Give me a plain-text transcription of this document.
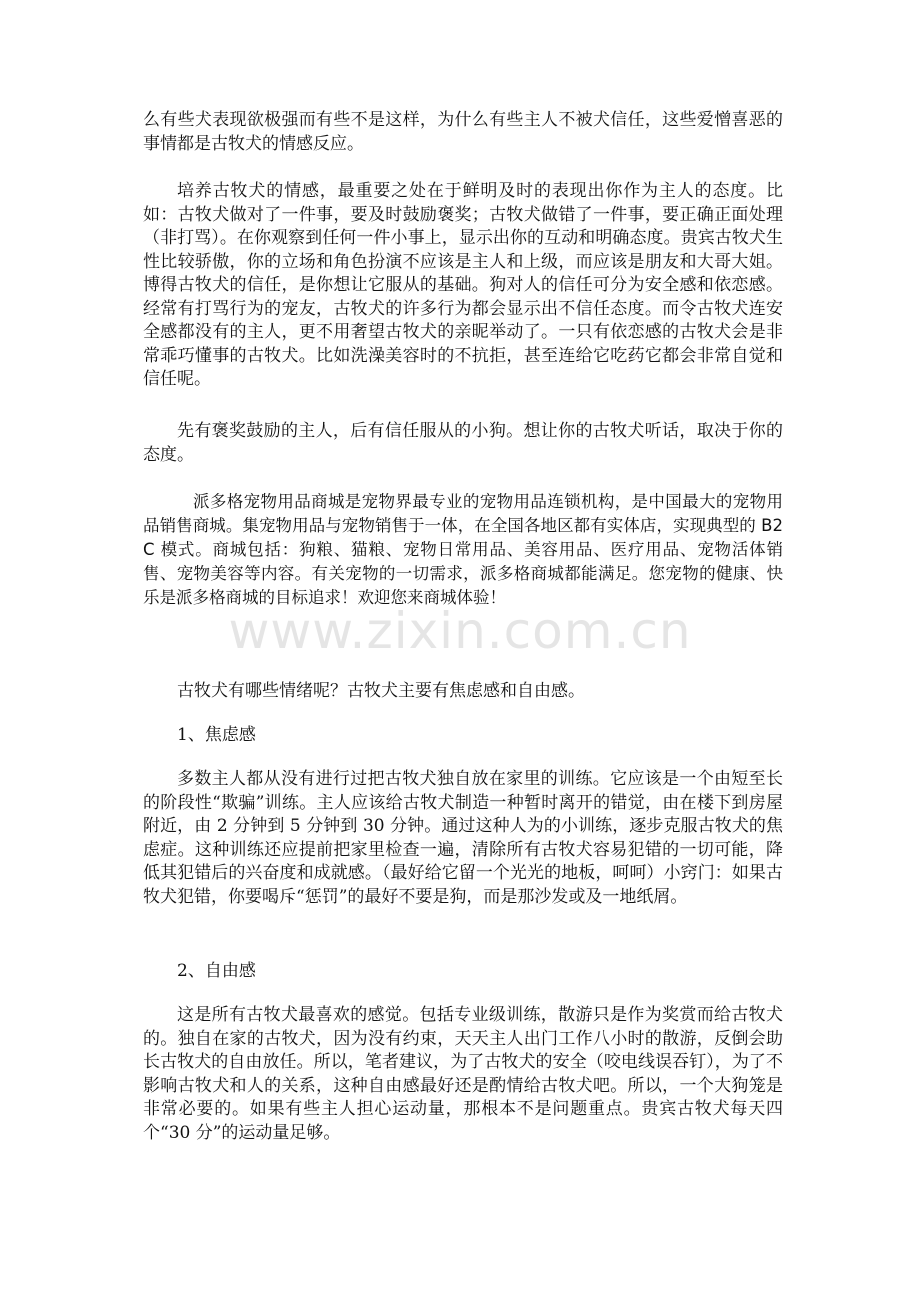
么有些犬表现欲极强而有些不是这样，为什么有些主人不被犬信任，这些爱憎喜恶的事情都是古牧犬的情感反应。

培养古牧犬的情感，最重要之处在于鲜明及时的表现出你作为主人的态度。比如：古牧犬做对了一件事，要及时鼓励褒奖；古牧犬做错了一件事，要正确正面处理（非打骂）。在你观察到任何一件小事上，显示出你的互动和明确态度。贵宾古牧犬生性比较骄傲，你的立场和角色扮演不应该是主人和上级，而应该是朋友和大哥大姐。博得古牧犬的信任，是你想让它服从的基础。狗对人的信任可分为安全感和依恋感。经常有打骂行为的宠友，古牧犬的许多行为都会显示出不信任态度。而令古牧犬连安全感都没有的主人，更不用奢望古牧犬的亲昵举动了。一只有依恋感的古牧犬会是非常乖巧懂事的古牧犬。比如洗澡美容时的不抗拒，甚至连给它吃药它都会非常自觉和信任呢。

先有褒奖鼓励的主人，后有信任服从的小狗。想让你的古牧犬听话，取决于你的态度。

派多格宠物用品商城是宠物界最专业的宠物用品连锁机构，是中国最大的宠物用品销售商城。集宠物用品与宠物销售于一体，在全国各地区都有实体店，实现典型的 B2C 模式。商城包括：狗粮、猫粮、宠物日常用品、美容用品、医疗用品、宠物活体销售、宠物美容等内容。有关宠物的一切需求，派多格商城都能满足。您宠物的健康、快乐是派多格商城的目标追求！欢迎您来商城体验！

www.zixin.com.cn

古牧犬有哪些情绪呢？古牧犬主要有焦虑感和自由感。

1、焦虑感

多数主人都从没有进行过把古牧犬独自放在家里的训练。它应该是一个由短至长的阶段性“欺骗”训练。主人应该给古牧犬制造一种暂时离开的错觉，由在楼下到房屋附近，由 2 分钟到 5 分钟到 30 分钟。通过这种人为的小训练，逐步克服古牧犬的焦虑症。这种训练还应提前把家里检查一遍，清除所有古牧犬容易犯错的一切可能，降低其犯错后的兴奋度和成就感。（最好给它留一个光光的地板，呵呵）小窍门：如果古牧犬犯错，你要喝斥“惩罚”的最好不要是狗，而是那沙发或及一地纸屑。

2、自由感

这是所有古牧犬最喜欢的感觉。包括专业级训练，散游只是作为奖赏而给古牧犬的。独自在家的古牧犬，因为没有约束，天天主人出门工作八小时的散游，反倒会助长古牧犬的自由放任。所以，笔者建议，为了古牧犬的安全（咬电线误吞钉），为了不影响古牧犬和人的关系，这种自由感最好还是酌情给古牧犬吧。所以，一个大狗笼是非常必要的。如果有些主人担心运动量，那根本不是问题重点。贵宾古牧犬每天四个“30 分”的运动量足够。
